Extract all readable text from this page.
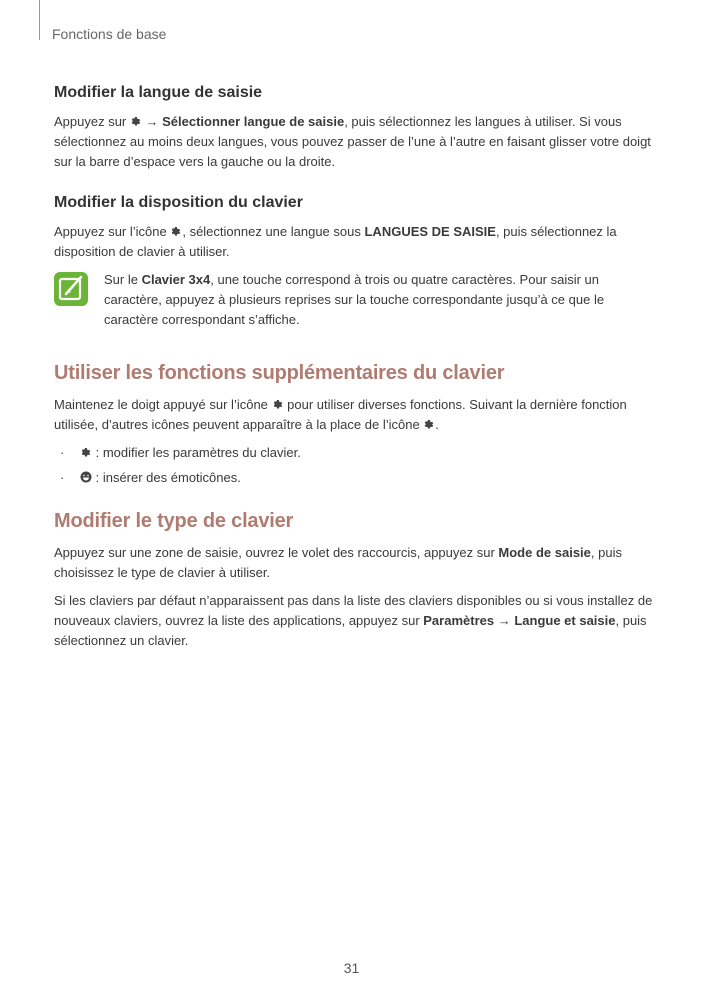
Fonctions de base
Modifier la langue de saisie

Appuyez sur  → Sélectionner langue de saisie, puis sélectionnez les langues à utiliser. Si vous sélectionnez au moins deux langues, vous pouvez passer de l’une à l’autre en faisant glisser votre doigt sur la barre d’espace vers la gauche ou la droite.

Modifier la disposition du clavier

Appuyez sur l’icône , sélectionnez une langue sous LANGUES DE SAISIE, puis sélectionnez la disposition de clavier à utiliser.

Sur le Clavier 3x4, une touche correspond à trois ou quatre caractères. Pour saisir un caractère, appuyez à plusieurs reprises sur la touche correspondante jusqu’à ce que le caractère correspondant s’affiche.

Utiliser les fonctions supplémentaires du clavier

Maintenez le doigt appuyé sur l’icône  pour utiliser diverses fonctions. Suivant la dernière fonction utilisée, d’autres icônes peuvent apparaître à la place de l’icône .

· : modifier les paramètres du clavier.
· : insérer des émoticônes.
Modifier le type de clavier

Appuyez sur une zone de saisie, ouvrez le volet des raccourcis, appuyez sur Mode de saisie, puis choisissez le type de clavier à utiliser.

Si les claviers par défaut n’apparaissent pas dans la liste des claviers disponibles ou si vous installez de nouveaux claviers, ouvrez la liste des applications, appuyez sur Paramètres → Langue et saisie, puis sélectionnez un clavier.

31
